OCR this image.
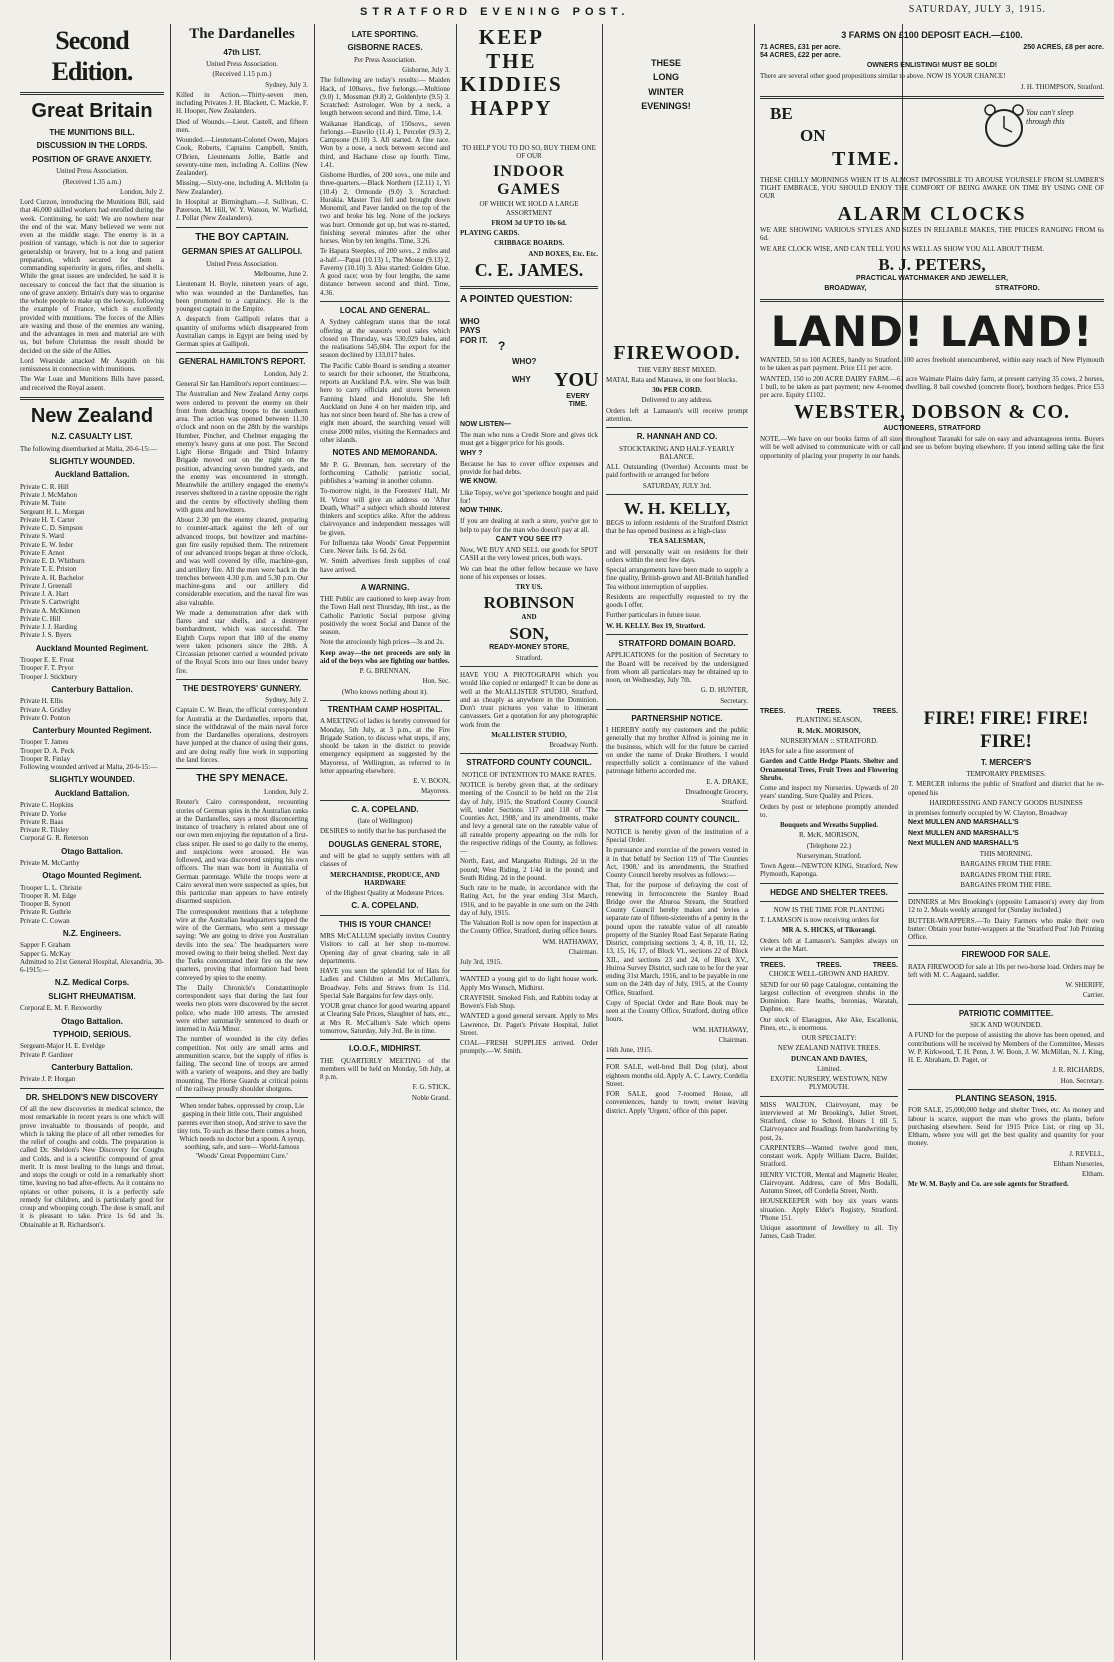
STRATFORD EVENING POST.	SATURDAY, JULY 3, 1915.
Second Edition.
Great Britain
THE MUNITIONS BILL.
DISCUSSION IN THE LORDS.
POSITION OF GRAVE ANXIETY.

United Press Association.

(Received 1.35 a.m.)

London, July 2.

Lord Curzon, introducing the Munitions Bill, said that 46,000 skilled workers had enrolled during the week. Continuing, he said: We are nowhere near the end of the war. Many believed we were not even at the middle stage. The enemy is in a position of vantage, which is not due to superior generalship or bravery, but to a long and patient preparation, which secured for them a commanding superiority in guns, rifles, and shells. While the great issues are undecided, he said it is necessary to conceal the fact that the situation is one of grave anxiety. Britain's duty was to organise the whole people to make up the leeway, following the example of France, which is excellently provided with munitions. The forces of the Allies are waxing and those of the enemies are waning, and the advantages in men and material are with us, but before Christmas the result should be decided on the side of the Allies.

Lord Wearside attacked Mr Asquith on his remissness in connection with munitions.

The War Loan and Munitions Bills have passed, and received the Royal assent.

New Zealand
N.Z. CASUALTY LIST.

The following disembarked at Malta, 20-6-15:—

SLIGHTLY WOUNDED.
Auckland Battalion.
Private C. R. Hill
Private J. McMahon
Private M. Tuite
Sergeant H. L. Morgan
Private H. T. Carter
Private C. D. Simpson
Private S. Ward
Private E. W. Ieder
Private F. Arnot
Private E. D. Whitburn
Private T. E. Priston
Private A. H. Bachelor
Private J. Greenall
Private J. A. Hart
Private S. Cartwright
Private A. McKinnon
Private C. Hill
Private J. J. Harding
Private J. S. Byers
Auckland Mounted Regiment.
Trooper E. E. Frost
Trooper F. T. Pryor
Trooper J. Stickbury
Canterbury Battalion.
Private H. Ellis
Private A. Gridley
Private O. Ponton
Canterbury Mounted Regiment.
Trooper T. James
Trooper D. A. Peck
Trooper R. Finlay

Following wounded arrived at Malta, 20-6-15:—

SLIGHTLY WOUNDED.
Auckland Battalion.
Private C. Hopkins
Private D. Yorke
Private R. Baas
Private R. Tilsley
Corporal G. R. Reterson
Otago Battalion.
Private M. McCarthy
Otago Mounted Regiment.
Trooper L. L. Christie
Trooper R. M. Edge
Trooper B. Synott
Private R. Guthrie
Private C. Cowan
N.Z. Engineers.
Sapper F. Graham
Sapper G. McKay

Admitted to 21st General Hospital, Alexandria, 30-6-1915:—

N.Z. Medical Corps.
SLIGHT RHEUMATISM.

Corporal E. M. F. Rexworthy

Otago Battalion.
TYPHOID, SERIOUS.
Sergeant-Major H. E. Eveldge
Private P. Gardiner
Canterbury Battalion.

Private J. P. Horgan

DR. SHELDON'S NEW DISCOVERY

Of all the new discoveries in medical science, the most remarkable in recent years is one which will prove invaluable to thousands of people, and which is taking the place of all other remedies for the relief of coughs and colds. The preparation is called Dr. Sheldon's New Discovery for Coughs and Colds, and is a scientific compound of great merit. It is most healing to the lungs and throat, and stops the cough or cold in a remarkably short time, leaving no bad after-effects. As it contains no opiates or other poisons, it is a perfectly safe remedy for children, and is particularly good for croup and whooping cough. The dose is small, and it is pleasant to take. Price 1s 6d and 3s. Obtainable at R. Richardson's.

The Dardanelles
47th LIST.

United Press Association.

(Received 1.15 p.m.)

Sydney, July 3.

Killed in Action.—Thirty-seven men, including Privates J. H. Blackett, C. Mackie, F. H. Hooper, New Zealanders.

Died of Wounds.—Lieut. Castell, and fifteen men.

Wounded.—Lieutenant-Colonel Owen, Majors Cook, Roberts, Captains Campbell, Smith, O'Brien, Lieutenants Jollie, Battle and seventy-nine men, including A. Collins (New Zealander).

Missing.—Sixty-one, including A. McHolm (a New Zealander).

In Hospital at Birmingham.—J. Sullivan, C. Paterson, M. Hill, W. Y. Watson, W. Warfield, J. Pollar (New Zealanders).

THE BOY CAPTAIN.
GERMAN SPIES AT GALLIPOLI.

United Press Association.

Melbourne, June 2.

Lieutenant H. Boyle, nineteen years of age, who was wounded at the Dardanelles, has been promoted to a captaincy. He is the youngest captain in the Empire.

A despatch from Gallipoli relates that a quantity of uniforms which disappeared from Australian camps in Egypt are being used by German spies at Gallipoli.

GENERAL HAMILTON'S REPORT.

London, July 2.

General Sir Ian Hamilton's report continues:—

The Australian and New Zealand Army corps were ordered to prevent the enemy on their front from detaching troops to the southern area. The action was opened between 11.30 o'clock and noon on the 28th by the warships Humber, Pincher, and Chelmer engaging the enemy's heavy guns at one post. The Second Light Horse Brigade and Third Infantry Brigade moved out on the right on the position, advancing seven hundred yards, and the enemy was encountered in strength. Meanwhile the artillery engaged the enemy's reserves sheltered in a ravine opposite the right and the centre by effectively shelling them with guns and howitzers.

About 2.30 pm the enemy cleared, preparing to counter-attack against the left of our advanced troops, but howitzer and machine-gun fire easily repulsed them. The retirement of our advanced troops began at three o'clock, and was well covered by rifle, machine-gun, and artillery fire. All the men were back in the trenches between 4.30 p.m. and 5.30 p.m. Our machine-guns and our artillery did considerable execution, and the naval fire was also valuable.

We made a demonstration after dark with flares and star shells, and a destroyer bombardment, which was successful. The Eighth Corps report that 180 of the enemy were taken prisoners since the 28th. A Circassian prisoner carried a wounded private of the Royal Scots into our lines under heavy fire.

THE DESTROYERS' GUNNERY.

Sydney, July 2.

Captain C. W. Bean, the official correspondent for Australia at the Dardanelles, reports that, since the withdrawal of the main naval force from the Dardanelles operations, destroyers have jumped at the chance of using their guns, and are doing really fine work in supporting the land forces.

THE SPY MENACE.

London, July 2.

Reuter's Cairo correspondent, recounting stories of German spies in the Australian ranks at the Dardanelles, says a most disconcerting instance of treachery is related about one of our own men enjoying the reputation of a first-class sniper. He used to go daily to the enemy, and suspicions were aroused. He was followed, and was discovered sniping his own officers. The man was born in Australia of German parentage. While the troops were at Cairo several men were suspected as spies, but this particular man appears to have entirely disarmed suspicion.

The correspondent mentions that a telephone wire at the Australian headquarters tapped the wire of the Germans, who sent a message saying: 'We are going to drive you Australian devils into the sea.' The headquarters were moved owing to their being shelled. Next day the Turks concentrated their fire on the new quarters, proving that information had been conveyed by spies to the enemy.

The Daily Chronicle's Constantinople correspondent says that during the last four weeks two plots were discovered by the secret police, who made 100 arrests. The arrested were either summarily sentenced to death or interned in Asia Minor.

The number of wounded in the city defies competition. Not only are small arms and ammunition scarce, but the supply of rifles is failing. The second line of troops are armed with a variety of weapons, and they are badly mounting. The Horse Guards at critical points of the railway proudly shoulder shotguns.

When tender babes, oppressed by croup, Lie gasping in their little cots, Their anguished parents ever then stoop, And strive to save the tiny tots. To such as these there comes a boon, Which needs no doctor but a spoon. A syrup, soothing, safe, and sure— World-famous 'Woods' Great Peppermint Cure.'

LATE SPORTING.
GISBORNE RACES.

Per Press Association.

Gisborne, July 3.

The following are today's results:— Maiden Hack, of 100sovs., five furlongs.—Multione (9.0) 1, Mossman (9.8) 2, Goldenlyte (9.5) 3. Scratched: Astrologer. Won by a neck, a length between second and third. Time, 1.4.

Waikanae Handicap, of 150sovs., seven furlongs.—Etawilo (11.4) 1, Perceler (9.3) 2, Campsone (9.10) 3. All started. A fine race. Won by a nose, a neck between second and third, and Hachane close up fourth. Time, 1.41.

Gisborne Hurdles, of 200 sovs., one mile and three-quarters.—Black Northern (12.11) 1, Yi (10.4) 2, Ormonde (9.0) 3. Scratched: Hurakia. Master Tini fell and brought down Monomil, and Paver landed on the top of the two and broke his leg. None of the jockeys was hurt. Ormonde got up, but was re-started, finishing several minutes after the other horses. Won by ten lengths. Time, 3.26.

Te Hapara Steeples, of 200 sovs., 2 miles and a-half.—Papai (10.13) 1, The Mouse (9.13) 2, Faverny (10.10) 3. Also started: Golden Glue. A good race; won by four lengths, the same distance between second and third. Time, 4.36.

LOCAL AND GENERAL.

A Sydney cablegram states that the total offering at the season's wool sales which closed on Thursday, was 530,029 bales, and the realisations 545,604. The export for the season declined by 133,017 bales.

The Pacific Cable Board is sending a steamer to search for their schooner, the Strathcona, reports an Auckland P.A. wire. She was built here to carry officials and stores between Fanning Island and Honolulu. She left Auckland on June 4 on her maiden trip, and has not since been heard of. She has a crew of eight men aboard, the searching vessel will cruise 2000 miles, visiting the Kermadecs and other islands.

NOTES AND MEMORANDA.

Mr P. G. Brennan, hon. secretary of the forthcoming Catholic patriotic social, publishes a 'warning' in another column.

To-morrow night, in the Foresters' Hall, Mr H. Victor will give an address on 'After Death, What?' a subject which should interest thinkers and sceptics alike. After the address clairvoyance and independent messages will be given.

For Influenza take Woods' Great Peppermint Cure. Never fails. 1s 6d. 2s 6d.

W. Smith advertises fresh supplies of coal have arrived.

A WARNING.

THE Public are cautioned to keep away from the Town Hall next Thursday, 8th inst., as the Catholic Patriotic Social purpose giving positively the worst Social and Dance of the season.

Note the atrociously high prices—3s and 2s.

Keep away—the net proceeds are only in aid of the boys who are fighting our battles.

P. G. BRENNAN,

Hon. Sec.

(Who knows nothing about it).

TRENTHAM CAMP HOSPITAL.

A MEETING of ladies is hereby convened for Monday, 5th July, at 3 p.m., at the Fire Brigade Station, to discuss what steps, if any, should be taken in the district to provide emergency equipment as suggested by the Mayoress, of Wellington, as referred to in letter appearing elsewhere.

E. V. BOON,

Mayoress.

C. A. COPELAND.

(late of Wellington)

DESIRES to notify that he has purchased the

DOUGLAS GENERAL STORE,

and will be glad to supply settlers with all classes of

MERCHANDISE, PRODUCE, AND HARDWARE

of the Highest Quality at Moderate Prices.

C. A. COPELAND.
THIS IS YOUR CHANCE!

MRS McCALLUM specially invites Country Visitors to call at her shop to-morrow. Opening day of great clearing sale in all departments.

HAVE you seen the splendid lot of Hats for Ladies and Children at Mrs McCallum's, Broadway. Felts and Straws from 1s 11d. Special Sale Bargains for few days only.

YOUR great chance for good wearing apparel at Clearing Sale Prices, Slaughter of hats, etc., at Mrs R. McCallum's Sale which opens tomorrow, Saturday, July 3rd. Be in time.

I.O.O.F., MIDHIRST.

THE QUARTERLY MEETING of the members will be held on Monday, 5th July, at 8 p.m.

F. G. STICK,

Noble Grand.

KEEP
THE
KIDDIES
HAPPY

TO HELP YOU TO DO SO, BUY THEM ONE OF OUR

INDOOR GAMES

OF WHICH WE HOLD A LARGE ASSORTMENT

FROM 3d UP TO 10s 6d.

PLAYING CARDS.

CRIBBAGE BOARDS.

AND BOXES, Etc. Etc.

C. E. JAMES.
A POINTED QUESTION:
WHO PAYS FOR IT. ?
WHO?
WHY YOU
EVERY TIME.

NOW LISTEN—

The man who runs a Credit Store and gives tick must get a bigger price for his goods.

WHY ?

Because he has to cover office expenses and provide for bad debts.

WE KNOW.

Like Topsy, we've got 'sperience bought and paid for!

NOW THINK.

If you are dealing at such a store, you've got to help to pay for the man who doesn't pay at all.

CAN'T YOU SEE IT?

Now, WE BUY AND SELL our goods for SPOT CASH at the very lowest prices, both ways.

We can beat the other fellow because we have none of his expenses or losses.

TRY US.

ROBINSON

AND

SON,

READY-MONEY STORE,

Stratford.

HAVE YOU A PHOTOGRAPH which you would like copied or enlarged? It can be done as well at the McALLISTER STUDIO, Stratford, and as cheaply as anywhere in the Dominion. Don't trust pictures you value to itinerant canvassers. Get a quotation for any photographic work from the

McALLISTER STUDIO,

Broadway North.

STRATFORD COUNTY COUNCIL.

NOTICE OF INTENTION TO MAKE RATES.

NOTICE is hereby given that, at the ordinary meeting of the Council to be held on the 21st day of July, 1915, the Stratford County Council will, under Sections 117 and 118 of 'The Counties Act, 1908,' and its amendments, make and levy a general rate on the rateable value of all rateable property appearing on the rolls for the respective ridings of the County, as follows:—

North, East, and Mangaehu Ridings, 2d in the pound; West Riding, 2 1/4d in the pound; and South Riding, 2d in the pound.

Such rate to be made, in accordance with the Rating Act, for the year ending 31st March, 1916, and to be payable in one sum on the 24th day of July, 1915.

The Valuation Roll is now open for inspection at the County Office, Stratford, during office hours.

WM. HATHAWAY,

Chairman.

July 3rd, 1915.

WANTED a young girl to do light house work. Apply Mrs Wunsch, Midhirst.

CRAYFISH. Smoked Fish, and Rabbits today at Bowen's Fish Shop.

WANTED a good general servant. Apply to Mrs Lawrence, Dr. Paget's Private Hospital, Juliet Street.

COAL—FRESH SUPPLIES arrived. Order promptly.—W. Smith.

THESE
LONG
WINTER
EVENINGS!
FIREWOOD.

THE VERY BEST MIXED.

MATAI, Rata and Manawa, in one foot blocks.

30s PER CORD.

Delivered to any address.

Orders left at Lamason's will receive prompt attention.

R. HANNAH AND CO.

STOCKTAKING AND HALF-YEARLY BALANCE.

ALL Outstanding (Overdue) Accounts must be paid forthwith or arranged for before

SATURDAY, JULY 3rd.

W. H. KELLY,

BEGS to inform residents of the Stratford District that he has opened business as a high-class

TEA SALESMAN,

and will personally wait on residents for their orders within the next few days.

Special arrangements have been made to supply a fine quality, British-grown and All-British handled Tea without interruption of supplies.

Residents are respectfully requested to try the goods I offer.

Further particulars in future issue.

W. H. KELLY. Box 19, Stratford.

STRATFORD DOMAIN BOARD.

APPLICATIONS for the position of Secretary to the Board will be received by the undersigned from whom all particulars may be obtained up to noon, on Wednesday, July 7th.

G. D. HUNTER,

Secretary.

PARTNERSHIP NOTICE.

I HEREBY notify my customers and the public generally that my brother Alfred is joining me in the business, which will for the future be carried on under the name of Drake Brothers. I would respectfully solicit a continuance of the valued patronage hitherto accorded me.

E. A. DRAKE,

Dreadnought Grocery,

Stratford.

STRATFORD COUNTY COUNCIL.

NOTICE is hereby given of the institution of a Special Order.

In pursuance and exercise of the powers vested in it in that behalf by Section 119 of 'The Counties Act, 1908,' and its amendments, the Stratford County Council hereby resolves as follows:—

That, for the purpose of defraying the cost of renewing in ferroconcrete the Stanley Road Bridge over the Ahuroa Stream, the Stratford County Council hereby makes and levies a separate rate of fifteen-sixteenths of a penny in the pound upon the rateable value of all rateable property of the Stanley Road East Separate Rating District, comprising sections 3, 4, 8, 10, 11, 12, 13, 15, 16, 17, of Block VI., sections 22 of Block XII., and sections 23 and 24, of Block XV., Huiroa Survey District, such rate to be for the year ending 31st March, 1916, and to be payable in one sum on the 24th day of July, 1915, at the County Office, Stratford.

Copy of Special Order and Rate Book may be seen at the County Office, Stratford, during office hours.

WM. HATHAWAY,

Chairman.

16th June, 1915.

FOR SALE, well-bred Bull Dog (slut), about eighteen months old. Apply A. C. Lawry, Cordelia Street.

FOR SALE, good 7-roomed House, all conveniences, handy to town; owner leaving district. Apply 'Urgent,' office of this paper.

3 FARMS ON £100 DEPOSIT EACH.—£100.
71 ACRES, £31 per acre.	250 ACRES, £8 per acre.

54 ACRES, £22 per acre.

OWNERS ENLISTING! MUST BE SOLD!

There are several other good propositions similar to above. NOW IS YOUR CHANCE!

J. H. THOMPSON, Stratford.

BE
ON
TIME.
You can't sleep through this

THESE CHILLY MORNINGS WHEN IT IS ALMOST IMPOSSIBLE TO AROUSE YOURSELF FROM SLUMBER'S TIGHT EMBRACE, YOU SHOULD ENJOY THE COMFORT OF BEING AWAKE ON TIME BY USING ONE OF OUR

ALARM CLOCKS

WE ARE SHOWING VARIOUS STYLES AND SIZES IN RELIABLE MAKES, THE PRICES RANGING FROM 6s 6d.

WE ARE CLOCK WISE, AND CAN TELL YOU AS WELL AS SHOW YOU ALL ABOUT THEM.

B. J. PETERS,

PRACTICAL WATCHMAKER AND JEWELLER,

BROADWAY,	STRATFORD.
LAND! LAND!

WANTED, 50 to 100 ACRES, handy to Stratford. 100 acres freehold unencumbered, within easy reach of New Plymouth to be taken as part payment. Price £11 per acre.

WANTED, 150 to 200 ACRE DAIRY FARM.—61 acre Waimate Plains dairy farm, at present carrying 35 cows, 2 horses, 1 bull, to be taken as part payment; new 4-roomed dwelling, 8 bail cowshed (concrete floor), boxthorn hedges. Price £53 per acre. Equity £1102.

WEBSTER, DOBSON & CO.

AUCTIONEERS, STRATFORD

NOTE.—We have on our books farms of all sizes throughout Taranaki for sale on easy and advantageous terms. Buyers will be well advised to communicate with or call and see us before buying elsewhere. If you intend selling take the first opportunity of placing your property in our hands.

TREES.	TREES.	TREES.

PLANTING SEASON,

R. McK. MORISON,

NURSERYMAN :: STRATFORD.

HAS for sale a fine assortment of

Garden and Cattle Hedge Plants. Shelter and Ornamental Trees, Fruit Trees and Flowering Shrubs.

Come and inspect my Nurseries. Upwards of 20 years' standing. Sure Quality and Prices.

Orders by post or telephone promptly attended to.

Bouquets and Wreaths Supplied.

R. McK. MORISON,

(Telephone 22.)

Nurseryman, Stratford.

Town Agent—NEWTON KING, Stratford, New Plymouth, Kaponga.

HEDGE AND SHELTER TREES.

NOW IS THE TIME FOR PLANTING

T. LAMASON is now receiving orders for

MR A. S. HICKS, of Tikorangi.

Orders left at Lamason's. Samples always on view at the Mart.

TREES.	TREES.	TREES.

CHOICE WELL-GROWN AND HARDY.

SEND for our 60 page Catalogue, containing the largest collection of evergreen shrubs in the Dominion. Rare heaths, boronias, Waratah, Daphne, etc.

Our stock of Elaeagnus, Ake Ake, Escallonia, Pines, etc., is enormous.

OUR SPECIALTY:

NEW ZEALAND NATIVE TREES.

DUNCAN AND DAVIES,

Limited.

EXOTIC NURSERY, WESTOWN, NEW PLYMOUTH.

MISS WALTON, Clairvoyant, may be interviewed at Mr Brooking's, Juliet Street, Stratford, close to School. Hours 1 till 5. Clairvoyance and Readings from handwriting by post, 2s.

CARPENTERS—Wanted twelve good men, constant work. Apply William Dacre, Builder, Stratford.

HENRY VICTOR, Mental and Magnetic Healer, Clairvoyant. Address, care of Mrs Bodalli, Autumn Street, off Cordelia Street, North.

HOUSEKEEPER with boy six years wants situation. Apply Elder's Registry, Stratford. 'Phone 151.

Unique assortment of Jewellery to all. Try James, Cash Trader.

FIRE! FIRE! FIRE! FIRE!
T. MERCER'S

TEMPORARY PREMISES.

T. MERCER informs the public of Stratford and district that he re-opened his

HAIRDRESSING AND FANCY GOODS BUSINESS

in premises formerly occupied by W. Clayton, Broadway

Next MULLEN AND MARSHALL'S

Next MULLEN AND MARSHALL'S

Next MULLEN AND MARSHALL'S

THIS MORNING.

BARGAINS FROM THE FIRE.

BARGAINS FROM THE FIRE.

BARGAINS FROM THE FIRE.

DINNERS at Mrs Brooking's (opposite Lamason's) every day from 12 to 2. Meals weekly arranged for (Sunday included.)

BUTTER-WRAPPERS.—To Dairy Farmers who make their own butter: Obtain your butter-wrappers at the 'Stratford Post' Job Printing Office.

FIREWOOD FOR SALE.

RATA FIREWOOD for sale at 10s per two-horse load. Orders may be left with M. C. Aagaard, saddler.

W. SHERIFF,

Carrier.

PATRIOTIC COMMITTEE.

SICK AND WOUNDED.

A FUND for the purpose of assisting the above has been opened, and contributions will be received by Members of the Committee, Messrs W. P. Kirkwood, T. H. Penn, J. W. Boon, J. W. McMillan, N. J. King, H. E. Abraham, D. Paget, or

J. R. RICHARDS,

Hon. Secretary.

PLANTING SEASON, 1915.

FOR SALE, 25,000,000 hedge and shelter Trees, etc. As money and labour is scarce, support the man who grows the plants, before purchasing elsewhere. Send for 1915 Price List, or ring up 31, Eltham, where you will get the best quality and quantity for your money.

J. REVELL,

Eltham Nurseries,

Eltham.

Mr W. M. Bayly and Co. are sole agents for Stratford.
